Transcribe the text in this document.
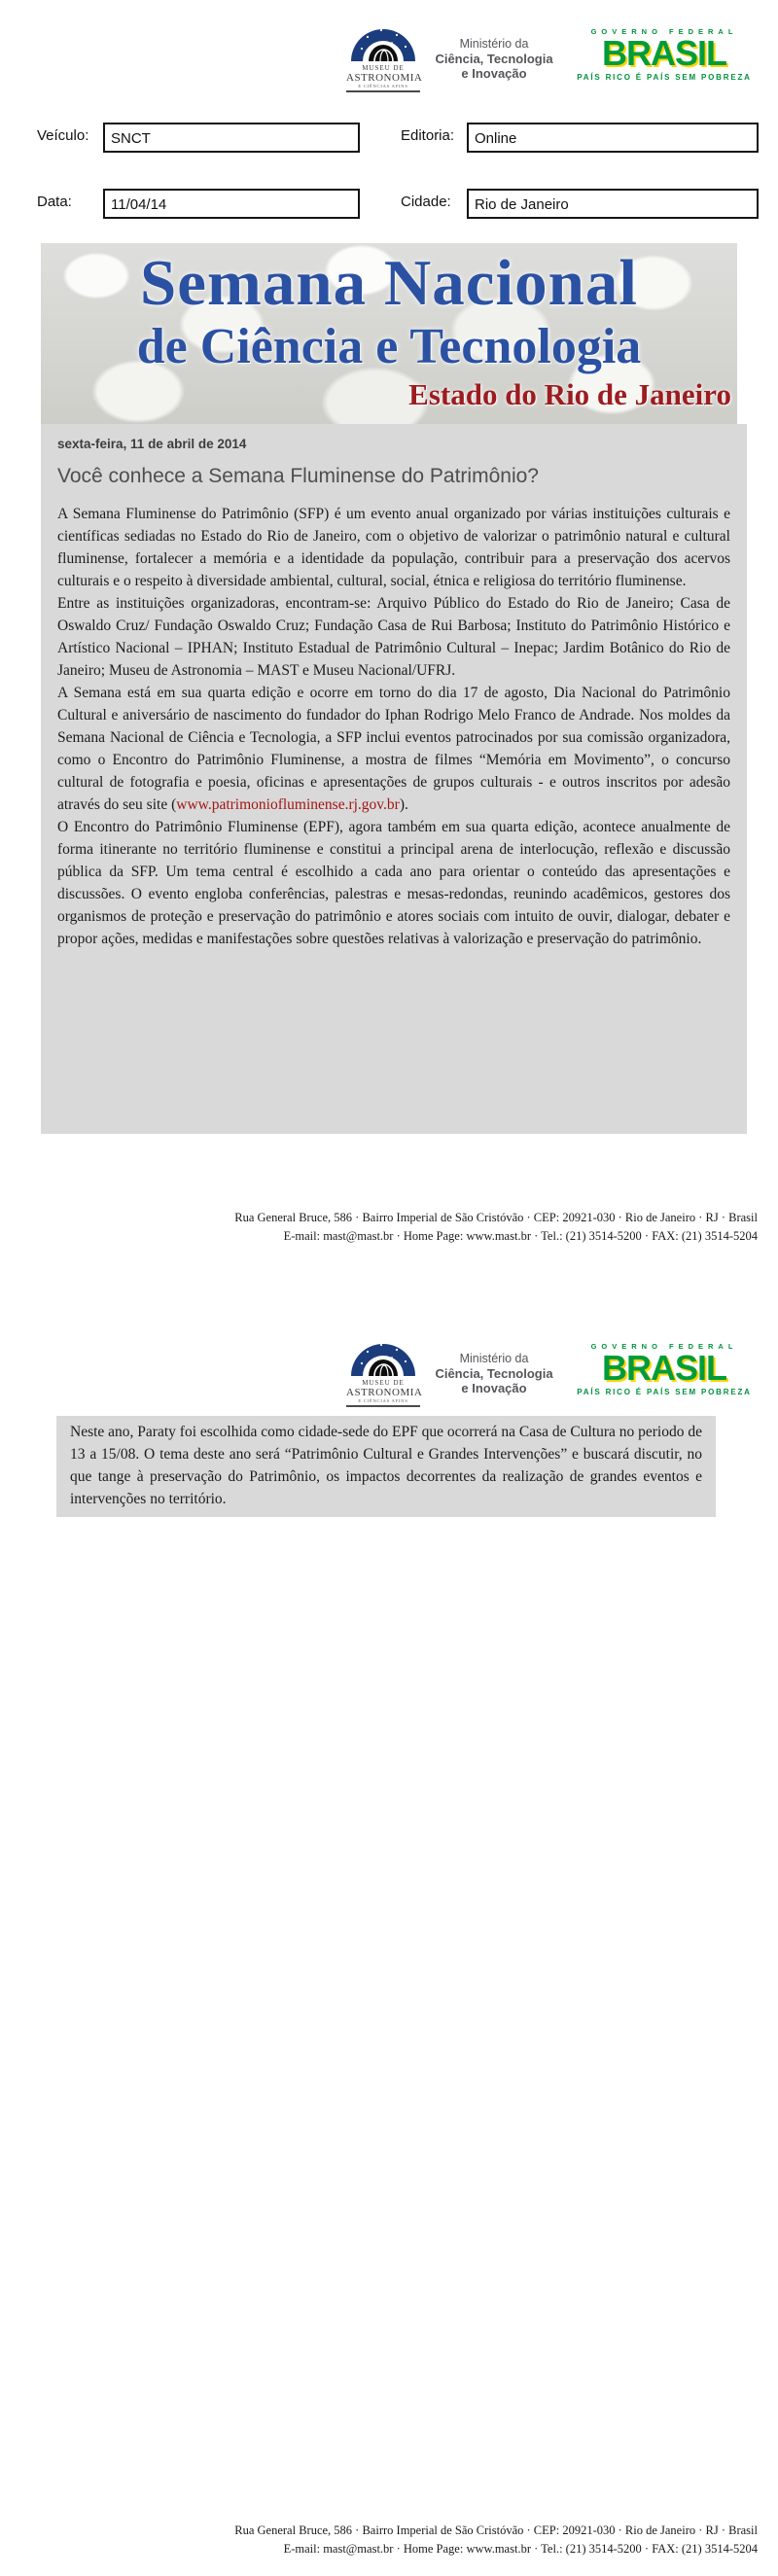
MUSEU DE
ASTRONOMIA
E CIÊNCIAS AFINS
Ministério da
Ciência, Tecnologia
e Inovação
GOVERNO FEDERAL
BRASIL
PAÍS RICO É PAÍS SEM POBREZA
Veículo:
SNCT	Editoria:
Online
Data:
11/04/14	Cidade:
Rio de Janeiro
Semana Nacional
de Ciência e Tecnologia
Estado do Rio de Janeiro
sexta-feira, 11 de abril de 2014
Você conhece a Semana Fluminense do Patrimônio?

A Semana Fluminense do Patrimônio (SFP) é um evento anual organizado por várias instituições culturais e científicas sediadas no Estado do Rio de Janeiro, com o objetivo de valorizar o patrimônio natural e cultural fluminense, fortalecer a memória e a identidade da população, contribuir para a preservação dos acervos culturais e o respeito à diversidade ambiental, cultural, social, étnica e religiosa do território fluminense.

Entre as instituições organizadoras, encontram-se: Arquivo Público do Estado do Rio de Janeiro; Casa de Oswaldo Cruz/ Fundação Oswaldo Cruz; Fundação Casa de Rui Barbosa; Instituto do Patrimônio Histórico e Artístico Nacional – IPHAN; Instituto Estadual de Patrimônio Cultural – Inepac; Jardim Botânico do Rio de Janeiro; Museu de Astronomia – MAST e Museu Nacional/UFRJ.

A Semana está em sua quarta edição e ocorre em torno do dia 17 de agosto, Dia Nacional do Patrimônio Cultural e aniversário de nascimento do fundador do Iphan Rodrigo Melo Franco de Andrade. Nos moldes da Semana Nacional de Ciência e Tecnologia, a SFP inclui eventos patrocinados por sua comissão organizadora, como o Encontro do Patrimônio Fluminense, a mostra de filmes “Memória em Movimento”, o concurso cultural de fotografia e poesia, oficinas e apresentações de grupos culturais - e outros inscritos por adesão através do seu site (www.patrimoniofluminense.rj.gov.br).

O Encontro do Patrimônio Fluminense (EPF), agora também em sua quarta edição, acontece anualmente de forma itinerante no território fluminense e constitui a principal arena de interlocução, reflexão e discussão pública da SFP. Um tema central é escolhido a cada ano para orientar o conteúdo das apresentações e discussões. O evento engloba conferências, palestras e mesas-redondas, reunindo acadêmicos, gestores dos organismos de proteção e preservação do patrimônio e atores sociais com intuito de ouvir, dialogar, debater e propor ações, medidas e manifestações sobre questões relativas à valorização e preservação do patrimônio.

Rua General Bruce, 586 · Bairro Imperial de São Cristóvão · CEP: 20921-030 · Rio de Janeiro · RJ · Brasil
E-mail: mast@mast.br · Home Page: www.mast.br · Tel.: (21) 3514-5200 · FAX: (21) 3514-5204
MUSEU DE
ASTRONOMIA
E CIÊNCIAS AFINS
Ministério da
Ciência, Tecnologia
e Inovação
GOVERNO FEDERAL
BRASIL
PAÍS RICO É PAÍS SEM POBREZA

Neste ano, Paraty foi escolhida como cidade-sede do EPF que ocorrerá na Casa de Cultura no periodo de 13 a 15/08. O tema deste ano será “Patrimônio Cultural e Grandes Intervenções” e buscará discutir, no que tange à preservação do Patrimônio, os impactos decorrentes da realização de grandes eventos e intervenções no território.

Rua General Bruce, 586 · Bairro Imperial de São Cristóvão · CEP: 20921-030 · Rio de Janeiro · RJ · Brasil
E-mail: mast@mast.br · Home Page: www.mast.br · Tel.: (21) 3514-5200 · FAX: (21) 3514-5204
